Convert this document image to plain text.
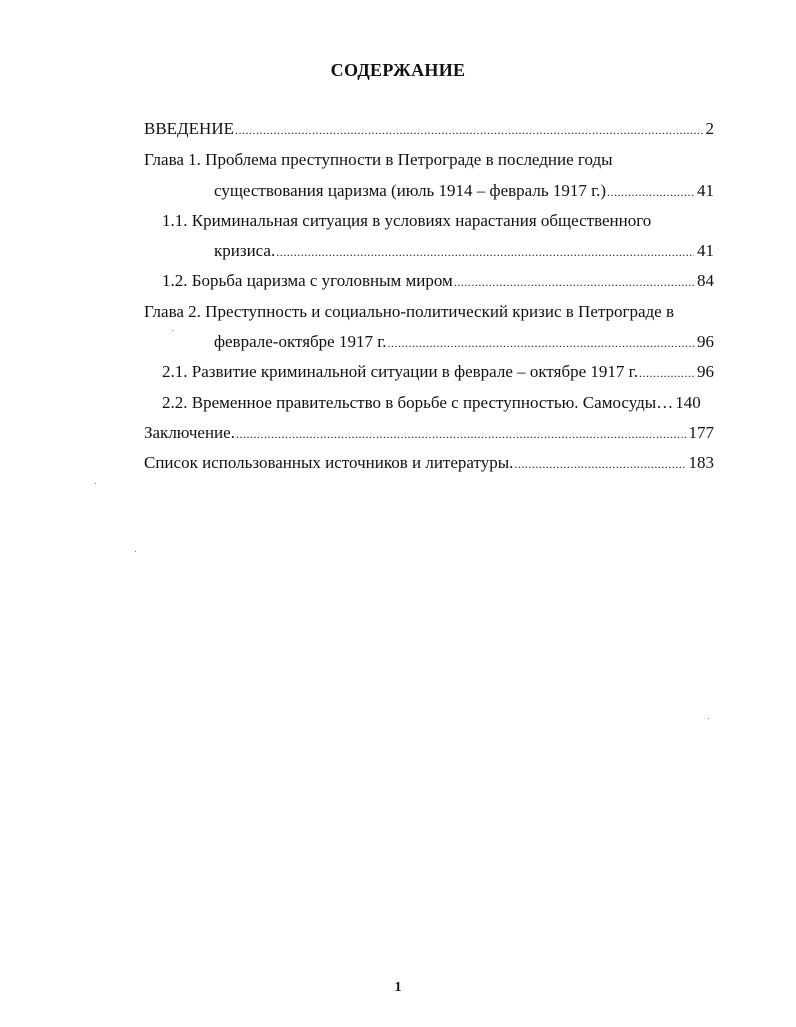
СОДЕРЖАНИЕ
ВВЕДЕНИЕ .....	2
Глава 1. Проблема преступности в Петрограде в последние годы
существования царизма (июль 1914 – февраль 1917 г.) .....	41
1.1. Криминальная ситуация в условиях нарастания общественного
кризиса. .....	41
1.2. Борьба царизма с уголовным миром .....	84
Глава 2. Преступность и социально-политический кризис в Петрограде в
феврале-октябре 1917 г. .....	96
2.1. Развитие криминальной ситуации в феврале – октябре 1917 г. .....	96
2.2. Временное правительство в борьбе с преступностью. Самосуды… 140
Заключение. .....	177
Список использованных источников и литературы. .....	183
1
